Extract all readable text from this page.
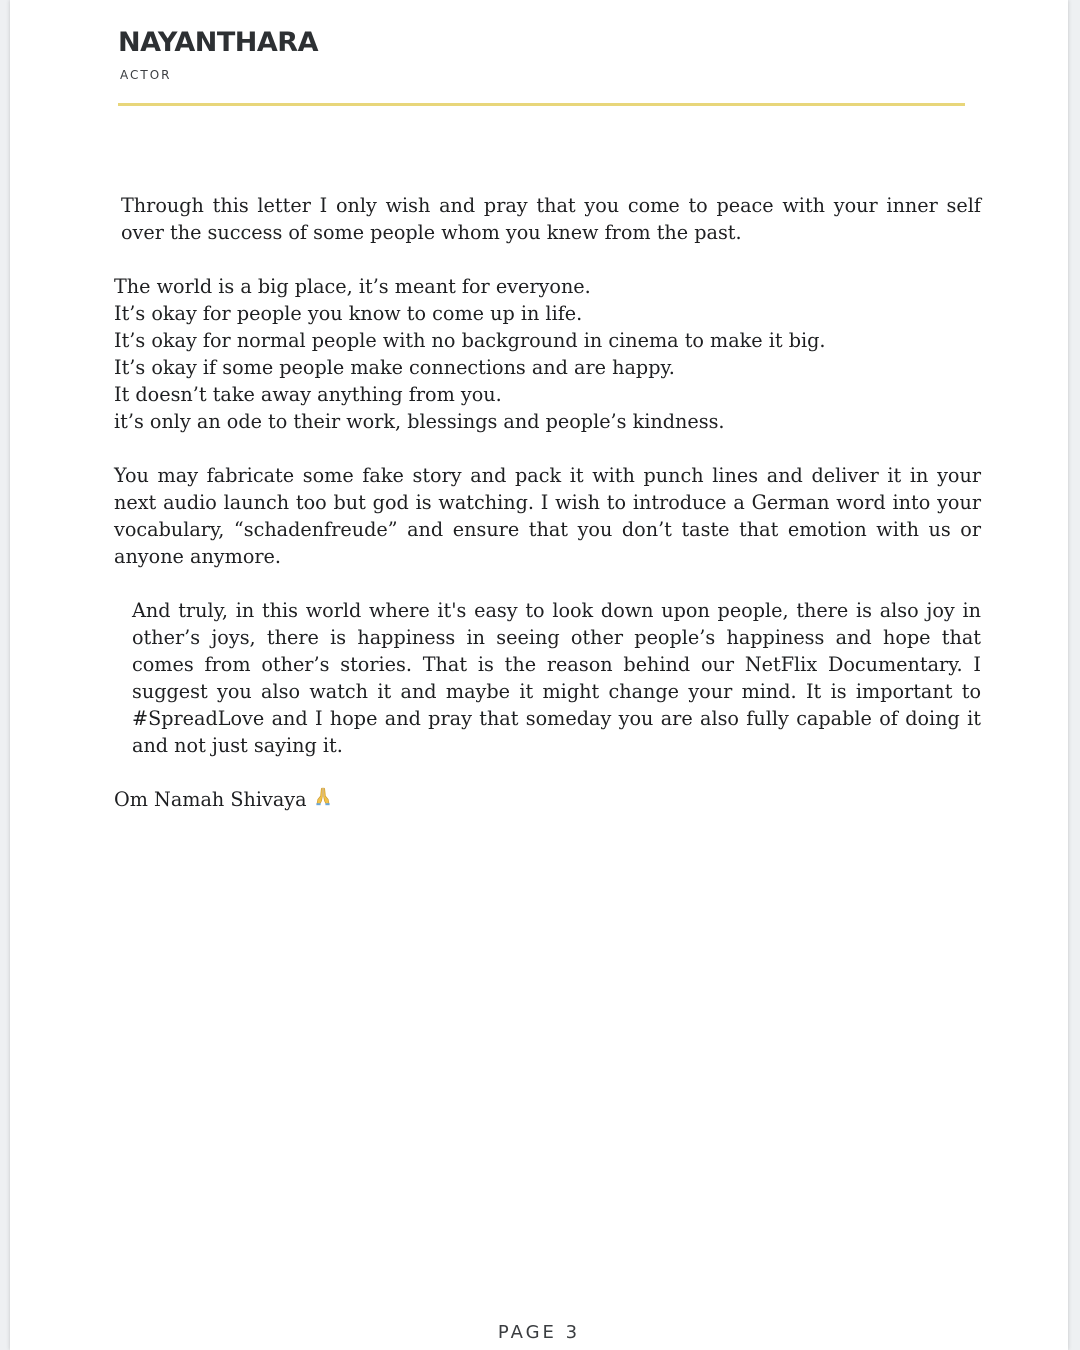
NAYANTHARA
ACTOR

Through this letter I only wish and pray that you come to peace with your inner self over the success of some people whom you knew from the past.

The world is a big place, it’s meant for everyone.
It’s okay for people you know to come up in life.
It’s okay for normal people with no background in cinema to make it big.
It’s okay if some people make connections and are happy.
It doesn’t take away anything from you.
it’s only an ode to their work, blessings and people’s kindness.

You may fabricate some fake story and pack it with punch lines and deliver it in your next audio launch too but god is watching. I wish to introduce a German word into your vocabulary, “schadenfreude” and ensure that you don’t taste that emotion with us or anyone anymore.

And truly, in this world where it's easy to look down upon people, there is also joy in other’s joys, there is happiness in seeing other people’s happiness and hope that comes from other’s stories. That is the reason behind our NetFlix Documentary. I suggest you also watch it and maybe it might change your mind. It is important to #SpreadLove and I hope and pray that someday you are also fully capable of doing it and not just saying it.

Om Namah Shivaya

PAGE 3
